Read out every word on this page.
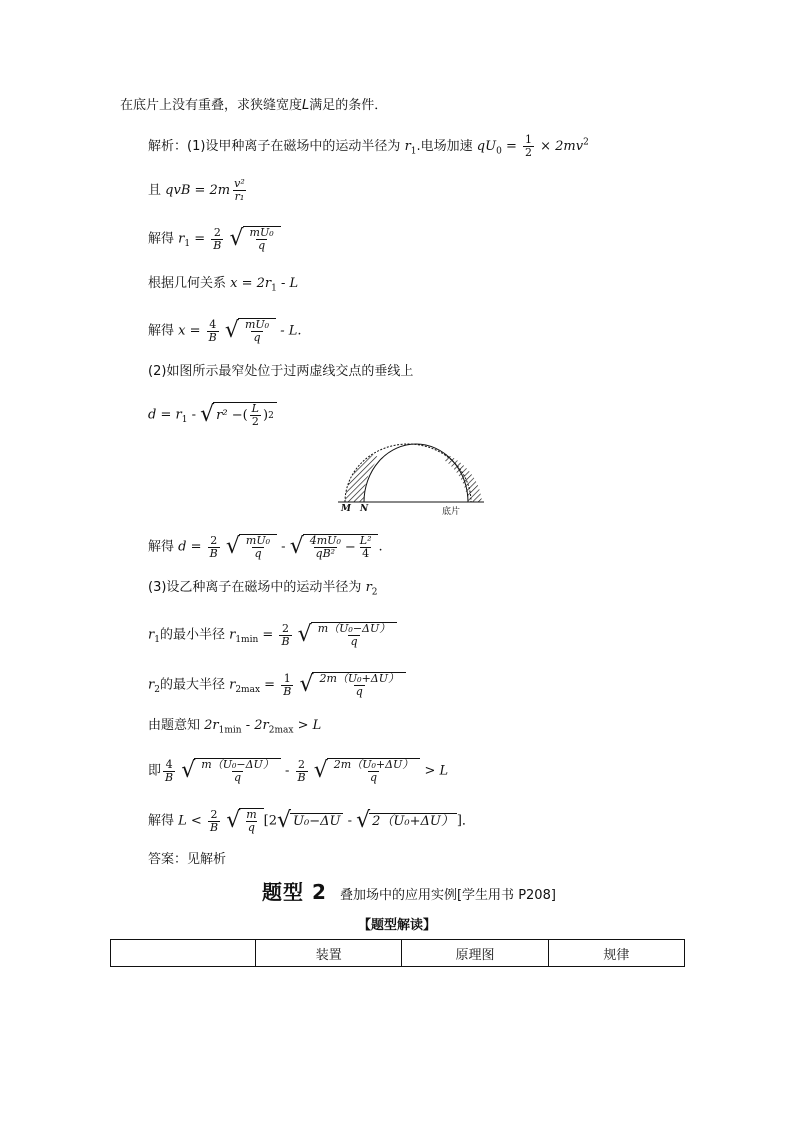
在底片上没有重叠，求狭缝宽度L满足的条件．
解析：(1)设甲种离子在磁场中的运动半径为 $r_1$.电场加速 $qU_0 = \frac{1}{2} \times 2mv^2$
且 qvB = $2m \frac{\text{v²}}{\text{r₁}}$
解得 $r_1 = \frac{2}{B}$
√ mU₀
q
根据几何关系 $x = 2r_1 - L$
解得 $x = \frac{4}{B}$
√ mU₀
q - L.
(2)如图所示最窄处位于过两虚线交点的垂线上
$d = r_1$ - √ r² − ( $\frac{L}{2}$ ) 2
M N	底片
解得 $d = \frac{2}{B}$
√ mU₀
q - √ 4mU₀
qB² − L²
4 .
(3)设乙种离子在磁场中的运动半径为 $r_2$
$r_1$的最小半径 $r_{1min} = \frac{2}{B}$
√ m（U₀−ΔU）
q
$r_2$的最大半径 $r_{2max} = \frac{1}{B}$
√ 2m（U₀+ΔU）
q
由题意知 $2r_{1min} - 2r_{2max} > L$
即 $\frac{4}{B}$
√ m（U₀−ΔU）
q	- $\frac{2}{B}$
√ 2m（U₀+ΔU）
q	> L
解得 $L < \frac{2}{B}$
√ m
q [2 √ U₀−ΔU - √ 2（U₀+ΔU） ]．
答案：见解析
题型 2 叠加场中的应用实例[学生用书 P208]
【题型解读】
	装置	原理图	规律
